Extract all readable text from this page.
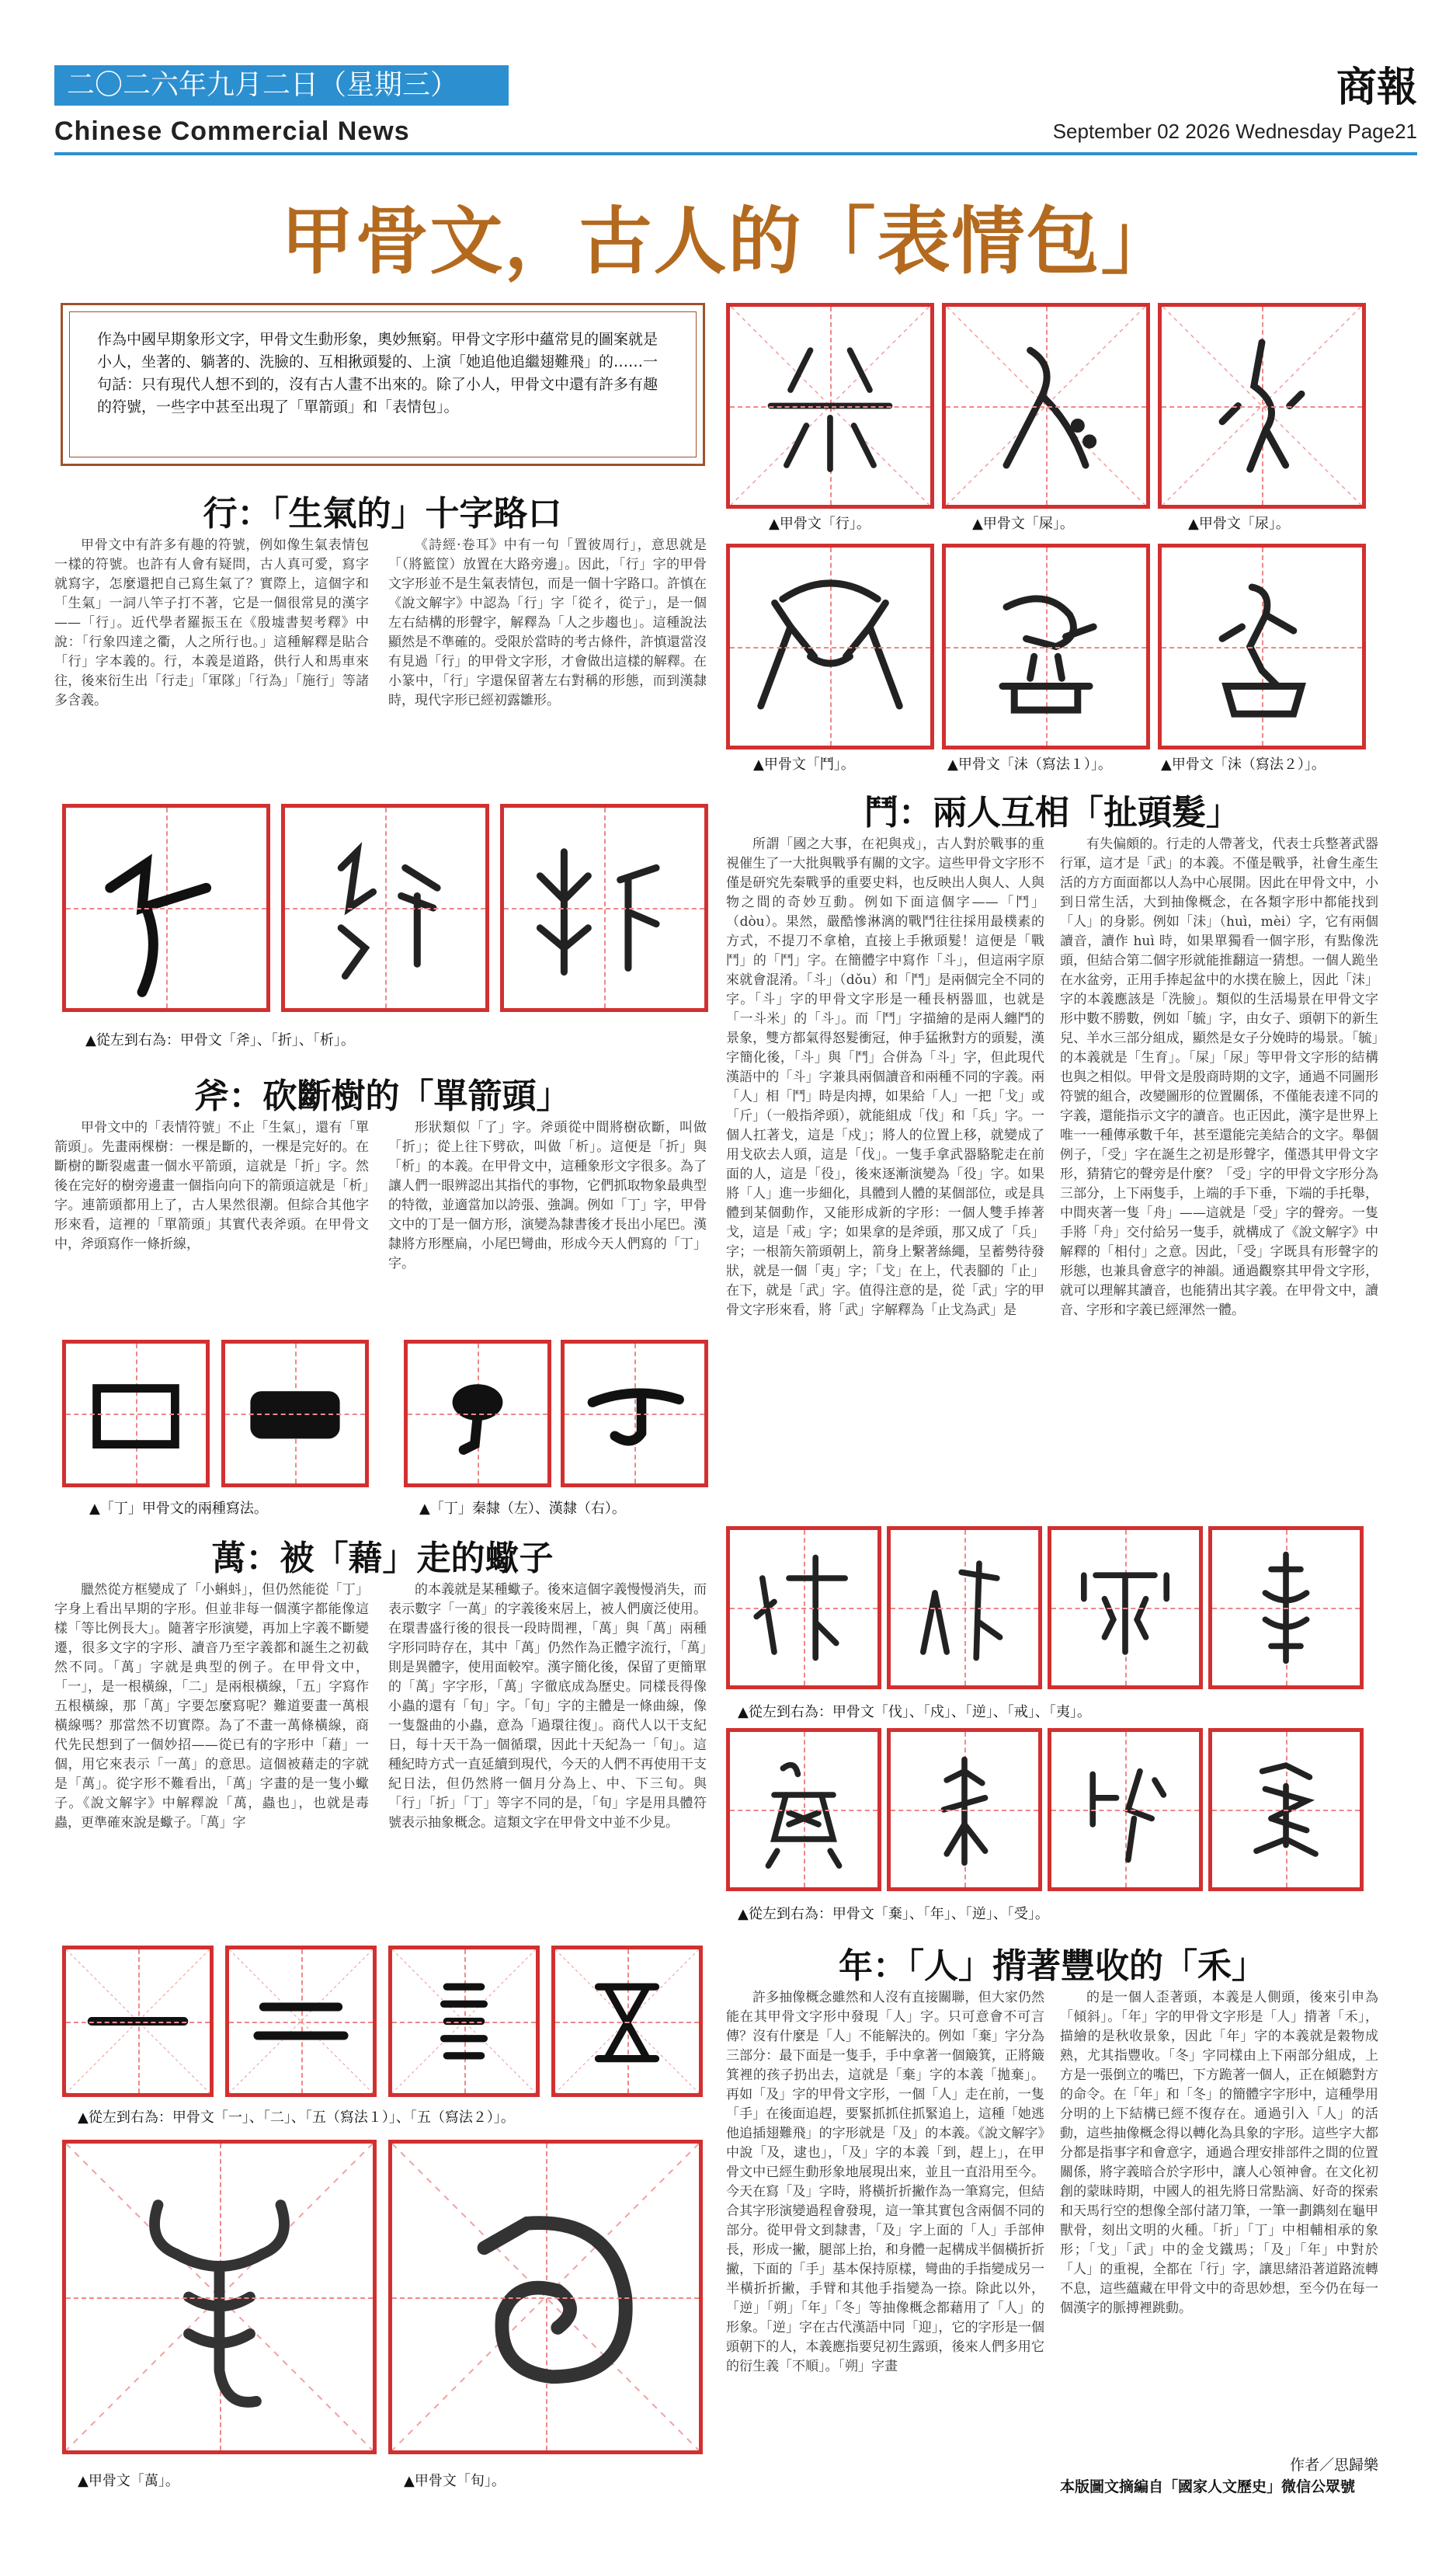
二〇二六年九月二日（星期三）	商報
Chinese Commercial News	September 02 2026 Wednesday Page21
甲骨文，古人的「表情包」
作為中國早期象形文字，甲骨文生動形象，奧妙無窮。甲骨文字形中蘊常見的圖案就是小人，坐著的、躺著的、洗臉的、互相揪頭髮的、上演「她追他追繼翅難飛」的……一句話：只有現代人想不到的，沒有古人畫不出來的。除了小人，甲骨文中還有許多有趣的符號，一些字中甚至出現了「單箭頭」和「表情包」。
行：「生氣的」十字路口

甲骨文中有許多有趣的符號，例如像生氣表情包一樣的符號。也許有人會有疑問，古人真可愛，寫字就寫字，怎麼還把自己寫生氣了？實際上，這個字和「生氣」一詞八竿子打不著，它是一個很常見的漢字——「行」。近代學者羅振玉在《殷墟書契考釋》中說：「行象四達之衢，人之所行也。」這種解釋是貼合「行」字本義的。行，本義是道路，供行人和馬車來往，後來衍生出「行走」「軍隊」「行為」「施行」等諸多含義。

《詩經·卷耳》中有一句「置彼周行」，意思就是「（將籃筐）放置在大路旁邊」。因此，「行」字的甲骨文字形並不是生氣表情包，而是一個十字路口。許慎在《說文解字》中認為「行」字「從彳，從亍」，是一個左右結構的形聲字，解釋為「人之步趨也」。這種說法顯然是不準確的。受限於當時的考古條件，許慎還當沒有見過「行」的甲骨文字形，才會做出這樣的解釋。在小篆中，「行」字還保留著左右對稱的形態，而到漢隸時，現代字形已經初露雛形。

▲甲骨文「行」。	▲甲骨文「屎」。	▲甲骨文「尿」。
▲甲骨文「鬥」。	▲甲骨文「沬（寫法１）」。	▲甲骨文「沬（寫法２）」。
鬥：兩人互相「扯頭髮」

所謂「國之大事，在祀與戎」，古人對於戰事的重視催生了一大批與戰爭有關的文字。這些甲骨文字形不僅是研究先秦戰爭的重要史料，也反映出人與人、人與物之間的奇妙互動。例如下面這個字——「鬥」（dòu）。果然，嚴酷慘淋漓的戰鬥往往採用最樸素的方式，不提刀不拿槍，直接上手揪頭髮！這便是「戰鬥」的「鬥」字。在簡體字中寫作「斗」，但這兩字原來就會混淆。「斗」（dǒu）和「鬥」是兩個完全不同的字。「斗」字的甲骨文字形是一種長柄器皿，也就是「一斗米」的「斗」。而「鬥」字描繪的是兩人纏鬥的景象，雙方都氣得怒髮衝冠，伸手猛揪對方的頭髮，漢字簡化後，「斗」與「鬥」合併為「斗」字，但此現代漢語中的「斗」字兼具兩個讀音和兩種不同的字義。兩「人」相「鬥」時是肉搏，如果給「人」一把「戈」或「斤」（一般指斧頭），就能組成「伐」和「兵」字。一個人扛著戈，這是「戍」；將人的位置上移，就變成了用戈砍去人頭，這是「伐」。一隻手拿武器駱駝走在前面的人，這是「役」，後來逐漸演變為「役」字。如果將「人」進一步細化，具體到人體的某個部位，或是具體到某個動作，又能形成新的字形：一個人雙手捧著戈，這是「戒」字；如果拿的是斧頭，那又成了「兵」字；一根箭矢箭頭朝上，箭身上繫著絲繩，呈蓄勢待發狀，就是一個「夷」字；「戈」在上，代表腳的「止」在下，就是「武」字。值得注意的是，從「武」字的甲骨文字形來看，將「武」字解釋為「止戈為武」是

有失偏頗的。行走的人帶著戈，代表士兵整著武器行軍，這才是「武」的本義。不僅是戰爭，社會生產生活的方方面面都以人為中心展開。因此在甲骨文中，小到日常生活，大到抽像概念，在各類字形中都能找到「人」的身影。例如「沬」（huì，mèi）字，它有兩個讀音，讀作 huì 時，如果單獨看一個字形，有點像洗頭，但結合第二個字形就能推翻這一猜想。一個人跪坐在水盆旁，正用手捧起盆中的水撲在臉上，因此「沬」字的本義應該是「洗臉」。類似的生活場景在甲骨文字形中數不勝數，例如「毓」字，由女子、頭朝下的新生兒、羊水三部分組成，顯然是女子分娩時的場景。「毓」的本義就是「生育」。「屎」「尿」等甲骨文字形的結構也與之相似。甲骨文是殷商時期的文字，通過不同圖形符號的組合，改變圖形的位置關係，不僅能表達不同的字義，還能指示文字的讀音。也正因此，漢字是世界上唯一一種傳承數千年，甚至還能完美結合的文字。舉個例子，「受」字在誕生之初是形聲字，僅憑其甲骨文字形，猜猜它的聲旁是什麼？「受」字的甲骨文字形分為三部分，上下兩隻手，上端的手下垂，下端的手托舉，中間夾著一隻「舟」——這就是「受」字的聲旁。一隻手將「舟」交付給另一隻手，就構成了《說文解字》中解釋的「相付」之意。因此，「受」字既具有形聲字的形態，也兼具會意字的神韻。通過觀察其甲骨文字形，就可以理解其讀音，也能猜出其字義。在甲骨文中，讀音、字形和字義已經渾然一體。

▲從左到右為：甲骨文「斧」、「折」、「析」。
斧：砍斷樹的「單箭頭」

甲骨文中的「表情符號」不止「生氣」，還有「單箭頭」。先畫兩棵樹：一棵是斷的，一棵是完好的。在斷樹的斷裂處畫一個水平箭頭，這就是「折」字。然後在完好的樹旁邊畫一個指向向下的箭頭這就是「析」字。連箭頭都用上了，古人果然很潮。但綜合其他字形來看，這裡的「單箭頭」其實代表斧頭。在甲骨文中，斧頭寫作一條折線，

形狀類似「了」字。斧頭從中間將樹砍斷，叫做「折」；從上往下劈砍，叫做「析」。這便是「折」與「析」的本義。在甲骨文中，這種象形文字很多。為了讓人們一眼辨認出其指代的事物，它們抓取物象最典型的特徵，並適當加以誇張、強調。例如「丁」字，甲骨文中的丁是一個方形，演變為隸書後才長出小尾巴。漢隸將方形壓扁，小尾巴彎曲，形成今天人們寫的「丁」字。

▲「丁」甲骨文的兩種寫法。	▲「丁」秦隸（左）、漢隸（右）。
萬：被「藉」走的蠍子

臘然從方框變成了「小蝌蚪」，但仍然能從「丁」字身上看出早期的字形。但並非每一個漢字都能像這樣「等比例長大」。隨著字形演變，再加上字義不斷變遷，很多文字的字形、讀音乃至字義都和誕生之初截然不同。「萬」字就是典型的例子。在甲骨文中，「一」，是一根橫線，「二」是兩根橫線，「五」字寫作五根橫線，那「萬」字要怎麼寫呢？難道要畫一萬根橫線嗎？那當然不切實際。為了不畫一萬條橫線，商代先民想到了一個妙招——從已有的字形中「藉」一個，用它來表示「一萬」的意思。這個被藉走的字就是「萬」。從字形不難看出，「萬」字畫的是一隻小蠍子。《說文解字》中解釋說「萬，蟲也」，也就是毒蟲，更準確來說是蠍子。「萬」字

的本義就是某種蠍子。後來這個字義慢慢消失，而表示數字「一萬」的字義後來居上，被人們廣泛使用。在環書盛行後的很長一段時間裡，「萬」與「萬」兩種字形同時存在，其中「萬」仍然作為正體字流行，「萬」則是異體字，使用面較窄。漢字簡化後，保留了更簡單的「萬」字字形，「萬」字徹底成為歷史。同樣長得像小蟲的還有「旬」字。「旬」字的主體是一條曲線，像一隻盤曲的小蟲，意為「過環往復」。商代人以干支紀日，每十天干為一個循環，因此十天紀為一「旬」。這種紀時方式一直延續到現代，今天的人們不再使用干支紀日法，但仍然將一個月分為上、中、下三旬。與「行」「折」「丁」等字不同的是，「旬」字是用具體符號表示抽象概念。這類文字在甲骨文中並不少見。

▲從左到右為：甲骨文「伐」、「戍」、「逆」、「戒」、「夷」。
▲從左到右為：甲骨文「棄」、「年」、「逆」、「受」。
年：「人」揹著豐收的「禾」

許多抽像概念雖然和人沒有直接關聯，但大家仍然能在其甲骨文字形中發現「人」字。只可意會不可言傳？沒有什麼是「人」不能解決的。例如「棄」字分為三部分：最下面是一隻手，手中拿著一個簸箕，正將簸箕裡的孩子扔出去，這就是「棄」字的本義「拋棄」。再如「及」字的甲骨文字形，一個「人」走在前，一隻「手」在後面追趕，要緊抓抓住抓緊追上，這種「她逃他追插翅難飛」的字形就是「及」的本義。《說文解字》中說「及，逮也」，「及」字的本義「到，趕上」，在甲骨文中已經生動形象地展現出來，並且一直沿用至今。今天在寫「及」字時，將橫折折撇作為一筆寫完，但結合其字形演變過程會發現，這一筆其實包含兩個不同的部分。從甲骨文到隸書，「及」字上面的「人」手部伸長，形成一撇，腿部上抬，和身體一起構成半個橫折折撇，下面的「手」基本保持原樣，彎曲的手指變成另一半橫折折撇，手臂和其他手指變為一捺。除此以外，「逆」「朔」「年」「冬」等抽像概念都藉用了「人」的形象。「逆」字在古代漢語中同「迎」，它的字形是一個頭朝下的人，本義應指要兒初生露頭，後來人們多用它的衍生義「不順」。「朔」字畫

的是一個人歪著頭，本義是人側頭，後來引申為「傾斜」。「年」字的甲骨文字形是「人」揹著「禾」，描繪的是秋收景象，因此「年」字的本義就是穀物成熟，尤其指豐收。「冬」字同樣由上下兩部分組成，上方是一張倒立的嘴巴，下方跪著一個人，正在傾聽對方的命令。在「年」和「冬」的簡體字字形中，這種學用分明的上下結構已經不復存在。通過引入「人」的活動，這些抽像概念得以轉化為具象的字形。這些字大都分都是指事字和會意字，通過合理安排部件之間的位置關係，將字義暗合於字形中，讓人心領神會。在文化初創的蒙昧時期，中國人的祖先將日常點滴、好奇的探索和天馬行空的想像全部付諸刀筆，一筆一劃鐫刻在龜甲獸骨，刻出文明的火種。「折」「丁」中相輔相承的象形；「戈」「武」中的金戈鐵馬；「及」「年」中對於「人」的重視，全都在「行」字，讓思緒沿著道路流轉不息，這些蘊藏在甲骨文中的奇思妙想，至今仍在每一個漢字的脈搏裡跳動。

作者／思歸樂
本版圖文摘編自「國家人文歷史」微信公眾號
▲從左到右為：甲骨文「一」、「二」、「五（寫法１）」、「五（寫法２）」。
▲甲骨文「萬」。	▲甲骨文「旬」。
